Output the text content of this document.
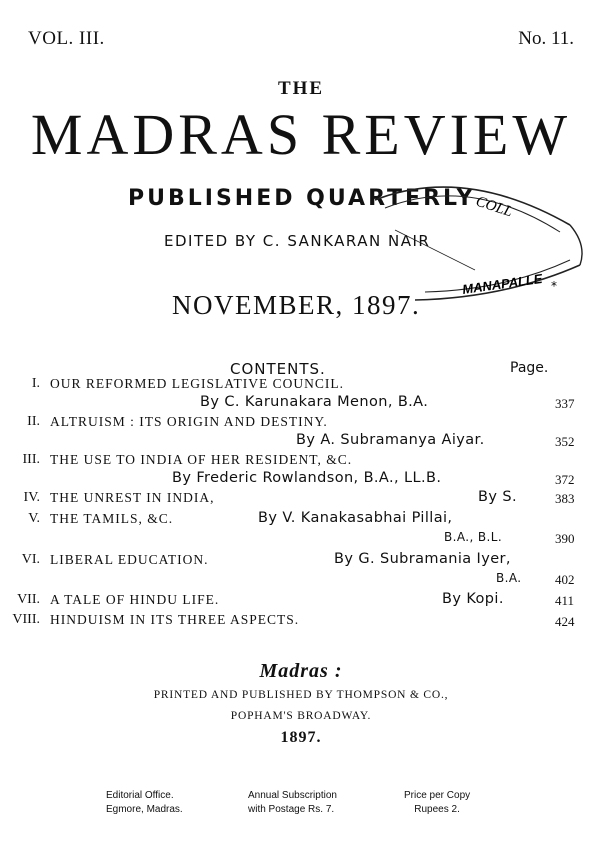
VOL. III.	No. 11.
THE
MADRAS REVIEW
PUBLISHED QUARTERLY
EDITED BY C. SANKARAN NAIR
NOVEMBER, 1897.
COLL
MANAPALLE *
CONTENTS.	Page.
I. OUR REFORMED LEGISLATIVE COUNCIL.
By C. Karunakara Menon, B.A.	337
II. ALTRUISM : ITS ORIGIN AND DESTINY.
By A. Subramanya Aiyar.	352
III. THE USE TO INDIA OF HER RESIDENT, &C.
By Frederic Rowlandson, B.A., LL.B.	372
IV. THE UNREST IN INDIA,	By S.	383
V. THE TAMILS, &C.	By V. Kanakasabhai Pillai,
B.A., B.L.	390
VI. LIBERAL EDUCATION.	By G. Subramania Iyer,
B.A.	402
VII. A TALE OF HINDU LIFE.	By Kopi.	411
VIII. HINDUISM IN ITS THREE ASPECTS.	424
Madras :
PRINTED AND PUBLISHED BY THOMPSON & CO.,
POPHAM'S BROADWAY.
1897.
Editorial Office.
Egmore, Madras.
Annual Subscription
with Postage Rs. 7.
Price per Copy
Rupees 2.
